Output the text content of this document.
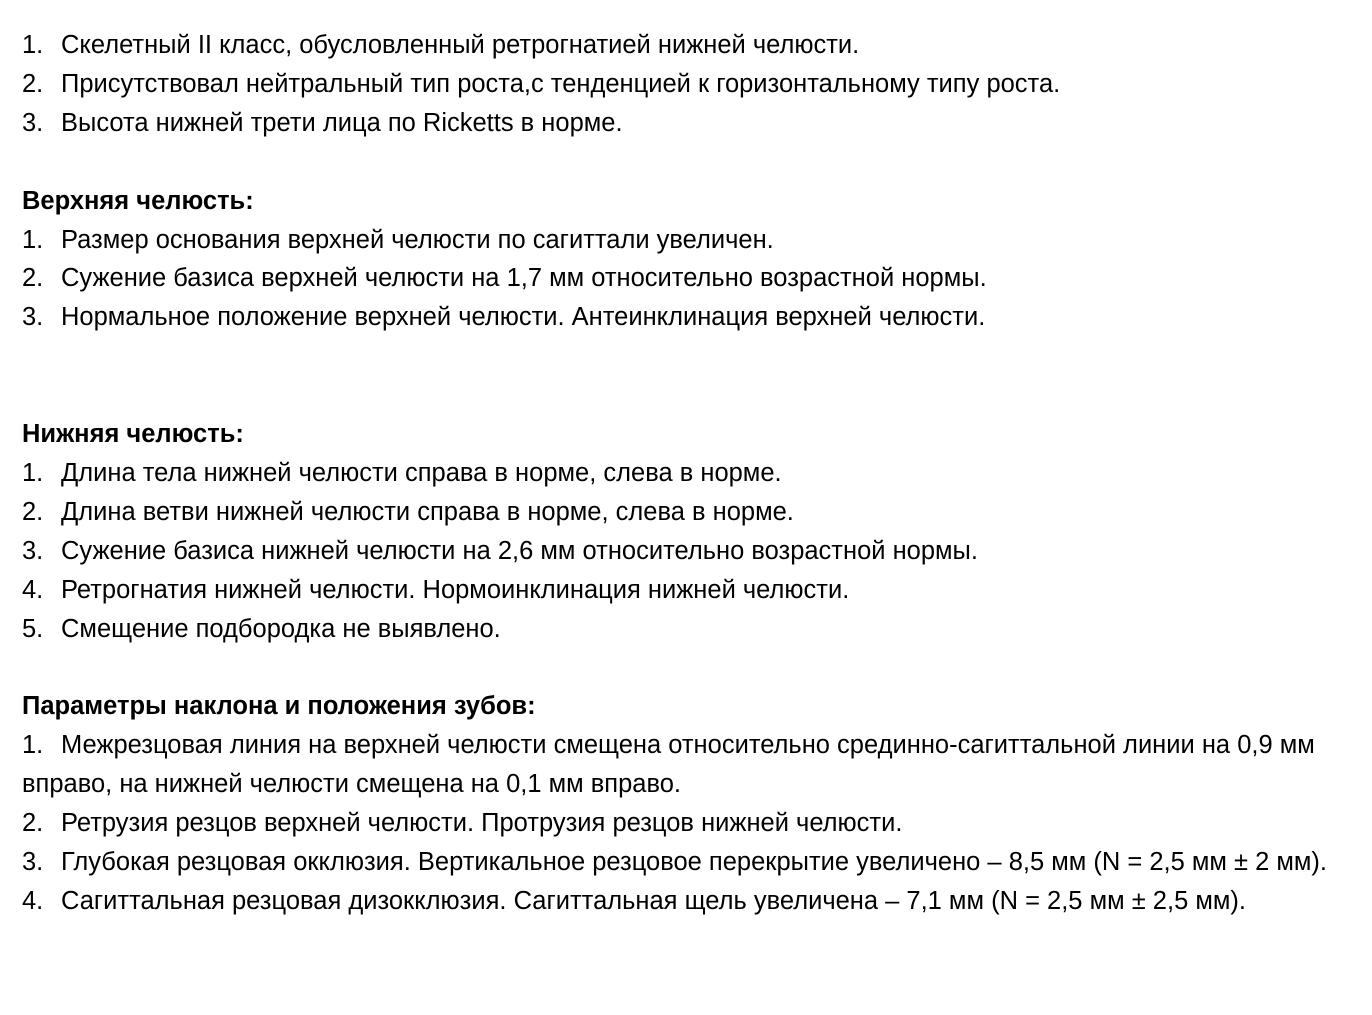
1. Скелетный II класс, обусловленный ретрогнатией нижней челюсти.
2. Присутствовал нейтральный тип роста,с тенденцией к горизонтальному типу роста.
3. Высота нижней трети лица по Ricketts в норме.

Верхняя челюсть:

1. Размер основания верхней челюсти по сагиттали увеличен.
2. Сужение базиса верхней челюсти на 1,7 мм относительно возрастной нормы.
3. Нормальное положение верхней челюсти. Антеинклинация верхней челюсти.

Нижняя челюсть:

1. Длина тела нижней челюсти справа в норме, слева в норме.
2. Длина ветви нижней челюсти справа в норме, слева в норме.
3. Сужение базиса нижней челюсти на 2,6 мм относительно возрастной нормы.
4. Ретрогнатия нижней челюсти. Нормоинклинация нижней челюсти.
5. Смещение подбородка не выявлено.

Параметры наклона и положения зубов:

1. Межрезцовая линия на верхней челюсти смещена относительно срединно-сагиттальной линии на 0,9 мм вправо, на нижней челюсти смещена на 0,1 мм вправо.
2. Ретрузия резцов верхней челюсти. Протрузия резцов нижней челюсти.
3. Глубокая резцовая окклюзия. Вертикальное резцовое перекрытие увеличено – 8,5 мм (N = 2,5 мм ± 2 мм).
4. Сагиттальная резцовая дизокклюзия. Сагиттальная щель увеличена – 7,1 мм (N = 2,5 мм ± 2,5 мм).
